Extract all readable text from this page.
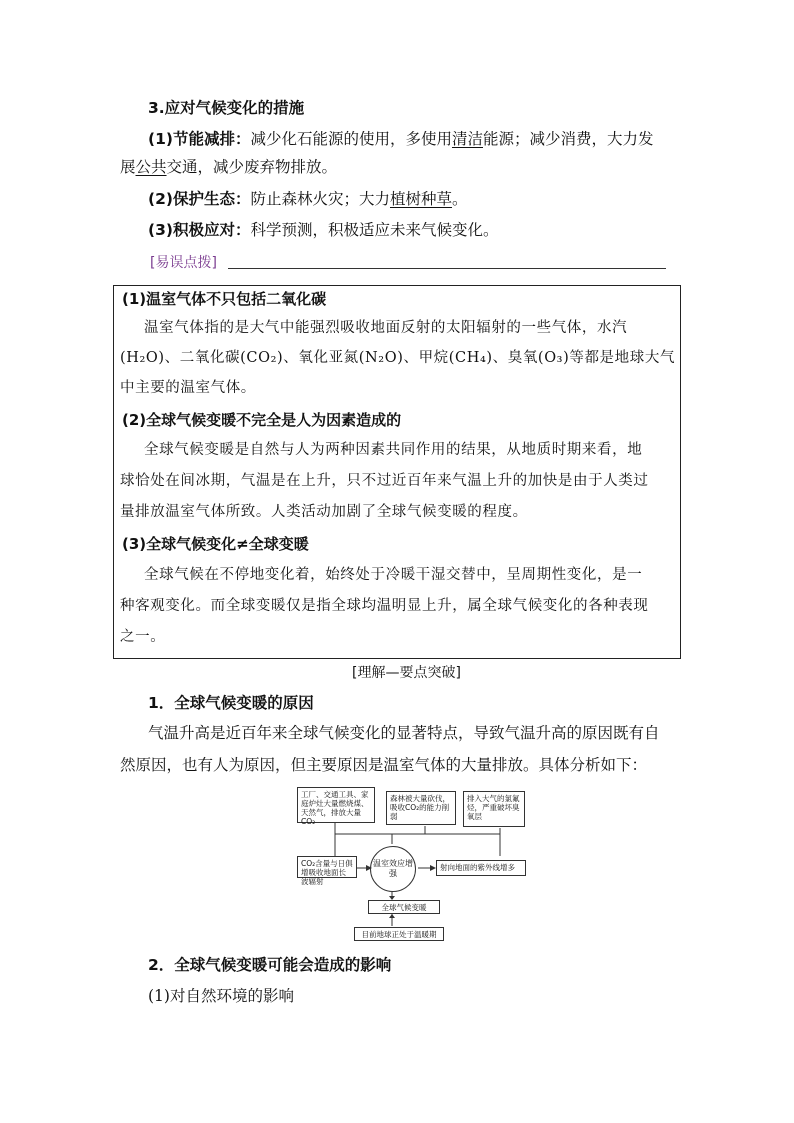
3.应对气候变化的措施
(1)节能减排：减少化石能源的使用，多使用清洁能源；减少消费，大力发
展公共交通，减少废弃物排放。
(2)保护生态：防止森林火灾；大力植树种草。
(3)积极应对：科学预测，积极适应未来气候变化。
[易误点拨]
(1)温室气体不只包括二氧化碳
温室气体指的是大气中能强烈吸收地面反射的太阳辐射的一些气体，水汽
(H₂O)、二氧化碳(CO₂)、氧化亚氮(N₂O)、甲烷(CH₄)、臭氧(O₃)等都是地球大气
中主要的温室气体。
(2)全球气候变暖不完全是人为因素造成的
全球气候变暖是自然与人为两种因素共同作用的结果，从地质时期来看，地
球恰处在间冰期，气温是在上升，只不过近百年来气温上升的加快是由于人类过
量排放温室气体所致。人类活动加剧了全球气候变暖的程度。
(3)全球气候变化≠全球变暖
全球气候在不停地变化着，始终处于冷暖干湿交替中，呈周期性变化，是一
种客观变化。而全球变暖仅是指全球均温明显上升，属全球气候变化的各种表现
之一。
[理解—要点突破]
1．全球气候变暖的原因
气温升高是近百年来全球气候变化的显著特点，导致气温升高的原因既有自
然原因，也有人为原因，但主要原因是温室气体的大量排放。具体分析如下：
工厂、交通工具、家庭炉灶大量燃烧煤、天然气，排放大量CO₂
森林被大量砍伐，吸收CO₂的能力削弱
排入大气的氯氟烃，严重破坏臭氧层
CO₂含量与日俱增吸收地面长波辐射
温室效应增强
射向地面的紫外线增多
全球气候变暖
目前地球正处于温暖期
2．全球气候变暖可能会造成的影响
(1)对自然环境的影响
